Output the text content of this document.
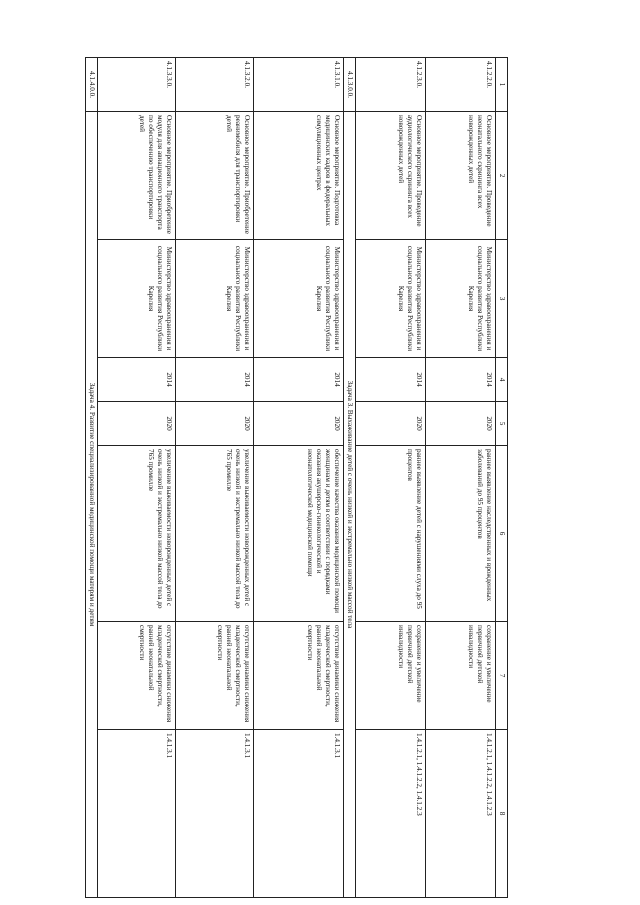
1	2	3	4	5	6	7	8
4.1.2.2.0.	Основное мероприятие. Проведение неонатального скрининга всех новорожденных детей	Министерство здравоохранения и социального развития Республики Карелия	2014	2020	раннее выявление наследственных и врожденных заболеваний до 95 процентов	сохранение и увеличение первичной детской инвалидности	1.4.1.2.1, 1.4.1.2.2, 1.4.1.2.3
4.1.2.3.0.	Основное мероприятие. Проведение аудиологического скрининга всех новорожденных детей	Министерство здравоохранения и социального развития Республики Карелия	2014	2020	раннее выявление детей с нарушениями слуха до 95 процентов	сохранение и увеличение первичной детской инвалидности	1.4.1.2.1, 1.4.1.2.2, 1.4.1.2.3
4.1.3.0.0.	Задача 3. Выхаживание детей с очень низкой и экстремально низкой массой тела						
4.1.3.1.0.	Основное мероприятие. Подготовка медицинских кадров в федеральных симуляционных центрах	Министерство здравоохранения и социального развития Республики Карелия	2014	2020	обеспечение качества оказания медицинской помощи женщинам и детям в соответствии с порядками оказания акушерско-гинекологической и неонатологической медицинской помощи	отсутствие динамики снижения младенческой смертности, ранней неонатальной смертности	1.4.1.3.1
4.1.3.2.0.	Основное мероприятие. Приобретение реанимобиля для транспортировки детей	Министерство здравоохранения и социального развития Республики Карелия	2014	2020	увеличение выживаемости новорожденных детей с очень низкой и экстремально низкой массой тела до 765 промилле	отсутствие динамики снижения младенческой смертности, ранней неонатальной смертности	1.4.1.3.1
4.1.3.3.0.	Основное мероприятие. Приобретение модуля для авиационного транспорта по обеспечению транспортировки детей	Министерство здравоохранения и социального развития Республики Карелия	2014	2020	увеличение выживаемости новорожденных детей с очень низкой и экстремально низкой массой тела до 765 промилле	отсутствие динамики снижения младенческой смертности, ранней неонатальной смертности	1.4.1.3.1
4.1.4.0.0.	Задача 4. Развитие специализированной медицинской помощи матерям и детям						
